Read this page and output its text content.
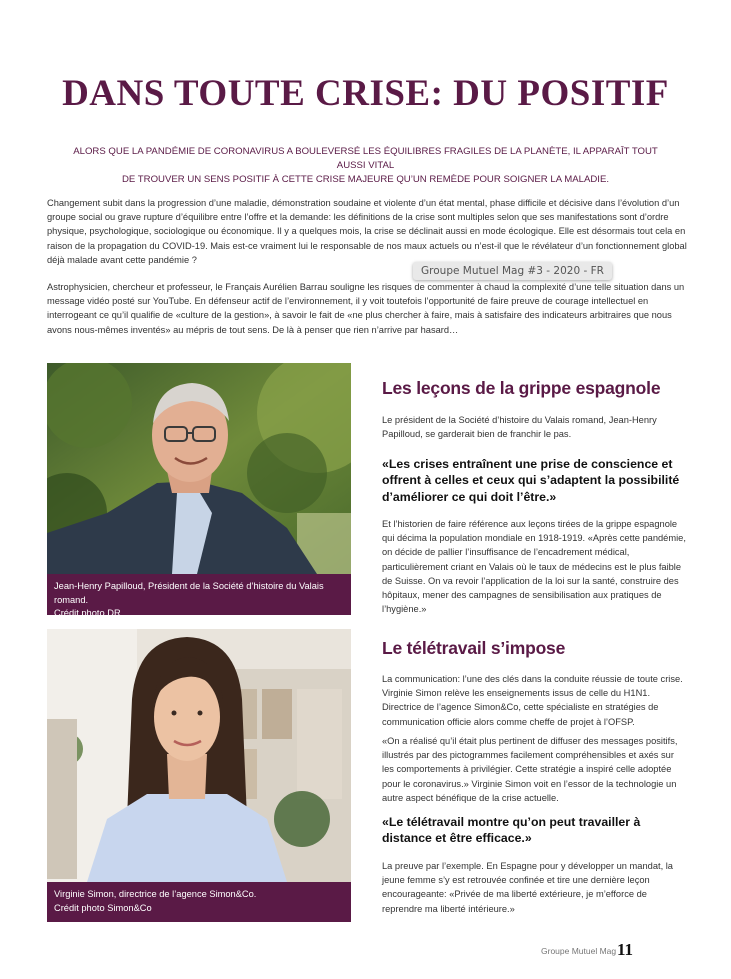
DANS TOUTE CRISE: DU POSITIF
ALORS QUE LA PANDÉMIE DE CORONAVIRUS A BOULEVERSÉ LES ÉQUILIBRES FRAGILES DE LA PLANÈTE, IL APPARAÎT TOUT AUSSI VITAL
DE TROUVER UN SENS POSITIF À CETTE CRISE MAJEURE QU’UN REMÈDE POUR SOIGNER LA MALADIE.

Changement subit dans la progression d’une maladie, démonstration soudaine et violente d’un état mental, phase difficile et décisive dans l’évolution d’un groupe social ou grave rupture d’équilibre entre l’offre et la demande: les définitions de la crise sont multiples selon que ses manifestations sont d’ordre physique, psychologique, sociologique ou économique. Il y a quelques mois, la crise se déclinait aussi en mode écologique. Elle est désormais tout cela en raison de la propagation du COVID-19. Mais est-ce vraiment lui le responsable de nos maux actuels ou n’est-il que le révélateur d’un fonctionnement global déjà malade avant cette pandémie ?

Astrophysicien, chercheur et professeur, le Français Aurélien Barrau souligne les risques de commenter à chaud la complexité d’une telle situation dans un message vidéo posté sur YouTube. En défenseur actif de l’environnement, il y voit toutefois l’opportunité de faire preuve de courage intellectuel en interrogeant ce qu’il qualifie de «culture de la gestion», à savoir le fait de «ne plus chercher à faire, mais à satisfaire des indicateurs arbitraires que nous avons nous-mêmes inventés» au mépris de tout sens. De là à penser que rien n’arrive par hasard…

Groupe Mutuel Mag #3 - 2020 - FR
Jean-Henry Papilloud, Président de la Société d’histoire du Valais romand.
Crédit photo DR
Virginie Simon, directrice de l’agence Simon&Co.
Crédit photo Simon&Co
Les leçons de la grippe espagnole

Le président de la Société d’histoire du Valais romand, Jean-Henry Papilloud, se garderait bien de franchir le pas.

«Les crises entraînent une prise de conscience et offrent à celles et ceux qui s’adaptent la possibilité d’améliorer ce qui doit l’être.»

Et l’historien de faire référence aux leçons tirées de la grippe espagnole qui décima la population mondiale en 1918-1919. «Après cette pandémie, on décide de pallier l’insuffisance de l’encadrement médical, particulièrement criant en Valais où le taux de médecins est le plus faible de Suisse. On va revoir l’application de la loi sur la santé, construire des hôpitaux, mener des campagnes de sensibilisation aux pratiques de l’hygiène.»

Le télétravail s’impose

La communication: l’une des clés dans la conduite réussie de toute crise. Virginie Simon relève les enseignements issus de celle du H1N1. Directrice de l’agence Simon&Co, cette spécialiste en stratégies de communication officie alors comme cheffe de projet à l’OFSP.

«On a réalisé qu’il était plus pertinent de diffuser des messages positifs, illustrés par des pictogrammes facilement compréhensibles et axés sur les comportements à privilégier. Cette stratégie a inspiré celle adoptée pour le coronavirus.» Virginie Simon voit en l’essor de la technologie un autre aspect bénéfique de la crise actuelle.

«Le télétravail montre qu’on peut travailler à distance et être efficace.»

La preuve par l’exemple. En Espagne pour y développer un mandat, la jeune femme s’y est retrouvée confinée et tire une dernière leçon encourageante: «Privée de ma liberté extérieure, je m’efforce de reprendre ma liberté intérieure.»

Groupe Mutuel Mag 11
